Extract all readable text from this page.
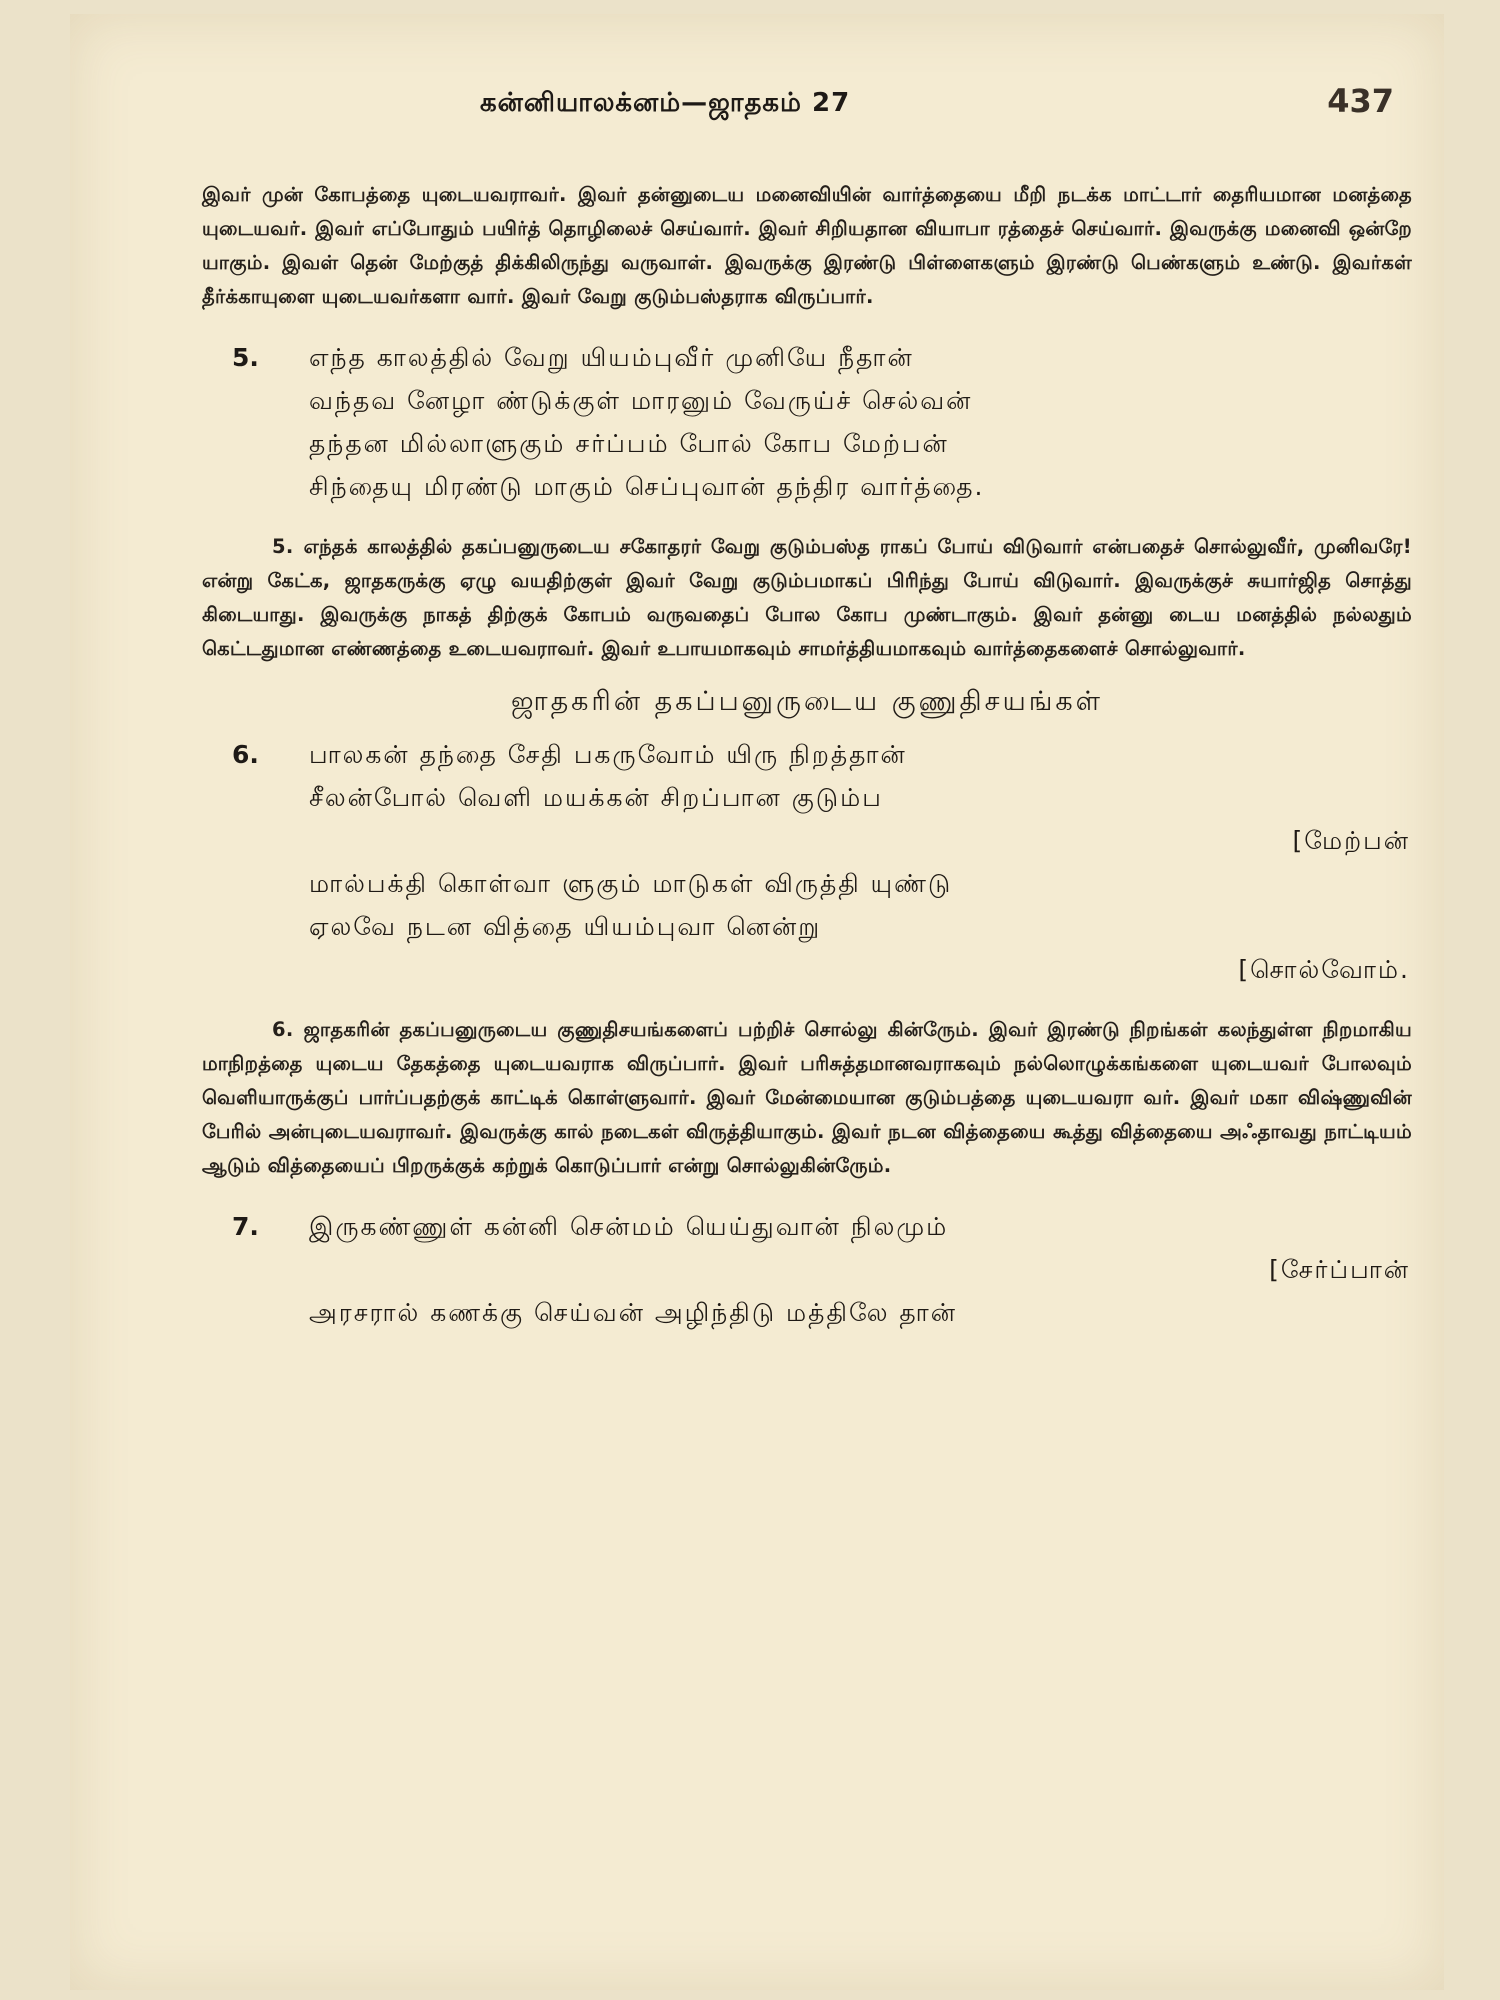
கன்னியாலக்னம்—ஜாதகம் 27	437

இவர் முன் கோபத்தை யுடையவராவர். இவர் தன்னுடைய மனைவியின் வார்த்தையை மீறி நடக்க மாட்டார் தைரியமான மனத்தை யுடையவர். இவர் எப்போதும் பயிர்த் தொழிலைச் செய்வார். இவர் சிறியதான வியாபா ரத்தைச் செய்வார். இவருக்கு மனைவி ஒன்றே யாகும். இவள் தென் மேற்குத் திக்கிலிருந்து வருவாள். இவருக்கு இரண்டு பிள்ளைகளும் இரண்டு பெண்களும் உண்டு. இவர்கள் தீர்க்காயுளை யுடையவர்களா வார். இவர் வேறு குடும்பஸ்தராக விருப்பார்.

5.	எந்த காலத்தில் வேறு யியம்புவீர் முனியே நீதான்
வந்தவ னேழா ண்டுக்குள் மாரனும் வேருய்ச் செல்வன்
தந்தன மில்லாளுகும் சர்ப்பம் போல் கோப மேற்பன்
சிந்தையு மிரண்டு மாகும் செப்புவான் தந்திர வார்த்தை.

5. எந்தக் காலத்தில் தகப்பனுருடைய சகோதரர் வேறு குடும்பஸ்த ராகப் போய் விடுவார் என்பதைச் சொல்லுவீர், முனிவரே! என்று கேட்க, ஜாதகருக்கு ஏழு வயதிற்குள் இவர் வேறு குடும்பமாகப் பிரிந்து போய் விடுவார். இவருக்குச் சுயார்ஜித சொத்து கிடையாது. இவருக்கு நாகத் திற்குக் கோபம் வருவதைப் போல கோப முண்டாகும். இவர் தன்னு டைய மனத்தில் நல்லதும் கெட்டதுமான எண்ணத்தை உடையவராவர். இவர் உபாயமாகவும் சாமர்த்தியமாகவும் வார்த்தைகளைச் சொல்லுவார்.

ஜாதகரின் தகப்பனுருடைய குணுதிசயங்கள்

6.	பாலகன் தந்தை சேதி பகருவோம் யிரு நிறத்தான்
சீலன்போல் வெளி மயக்கன் சிறப்பான குடும்ப
[மேற்பன்
மால்பக்தி கொள்வா ளுகும் மாடுகள் விருத்தி யுண்டு
ஏலவே நடன வித்தை யியம்புவா னென்று
[சொல்வோம்.

6. ஜாதகரின் தகப்பனுருடைய குணுதிசயங்களைப் பற்றிச் சொல்லு கின்ருேம். இவர் இரண்டு நிறங்கள் கலந்துள்ள நிறமாகிய மாநிறத்தை யுடைய தேகத்தை யுடையவராக விருப்பார். இவர் பரிசுத்தமானவராகவும் நல்லொழுக்கங்களை யுடையவர் போலவும் வெளியாருக்குப் பார்ப்பதற்குக் காட்டிக் கொள்ளுவார். இவர் மேன்மையான குடும்பத்தை யுடையவரா வர். இவர் மகா விஷ்ணுவின் பேரில் அன்புடையவராவர். இவருக்கு கால் நடைகள் விருத்தியாகும். இவர் நடன வித்தையை கூத்து வித்தையை அஃதாவது நாட்டியம் ஆடும் வித்தையைப் பிறருக்குக் கற்றுக் கொடுப்பார் என்று சொல்லுகின்ருேம்.

7.	இருகண்ணுள் கன்னி சென்மம் யெய்துவான் நிலமும்
[சேர்ப்பான்
அரசரால் கணக்கு செய்வன் அழிந்திடு மத்திலே தான்
